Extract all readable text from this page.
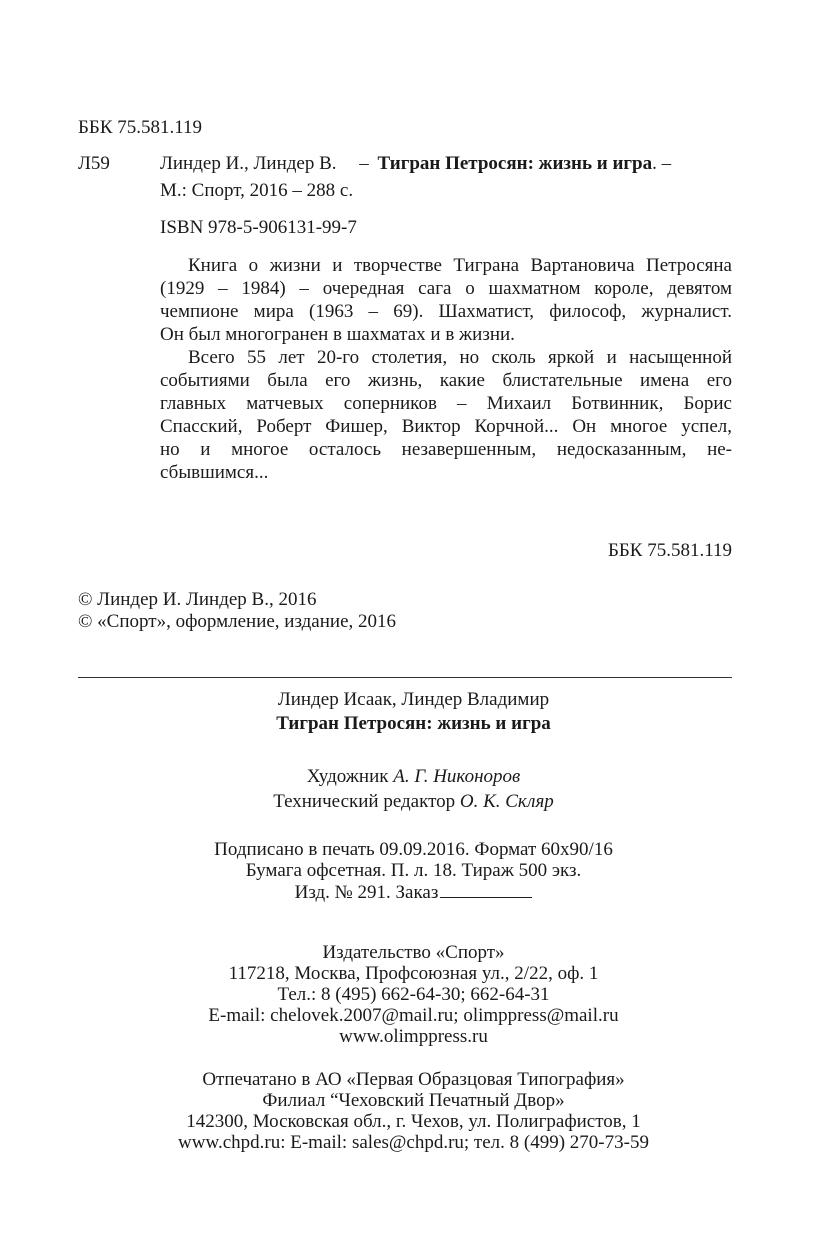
ББК 75.581.119
Л59	Линдер И., Линдер В. – Тигран Петросян: жизнь и игра. –
М.: Спорт, 2016 – 288 с.
ISBN 978-5-906131-99-7
Книга о жизни и творчестве Тиграна Вартановича Петросяна
(1929 – 1984) – очередная сага о шахматном короле, девятом
чемпионе мира (1963 – 69). Шахматист, философ, журналист.
Он был многогранен в шахматах и в жизни.
Всего 55 лет 20-го столетия, но сколь яркой и насыщенной
событиями была его жизнь, какие блистательные имена его
главных матчевых соперников – Михаил Ботвинник, Борис
Спасский, Роберт Фишер, Виктор Корчной... Он многое успел,
но и многое осталось незавершенным, недосказанным, не-
сбывшимся...
ББК 75.581.119
© Линдер И. Линдер В., 2016
© «Спорт», оформление, издание, 2016
Линдер Исаак, Линдер Владимир
Тигран Петросян: жизнь и игра
Художник А. Г. Никоноров
Технический редактор О. К. Скляр
Подписано в печать 09.09.2016. Формат 60х90/16
Бумага офсетная. П. л. 18. Тираж 500 экз.
Изд. № 291. Заказ
Издательство «Спорт»
117218, Москва, Профсоюзная ул., 2/22, оф. 1
Тел.: 8 (495) 662-64-30; 662-64-31
E-mail: chelovek.2007@mail.ru; olimppress@mail.ru
www.olimppress.ru
Отпечатано в АО «Первая Образцовая Типография»
Филиал “Чеховский Печатный Двор»
142300, Московская обл., г. Чехов, ул. Полиграфистов, 1
www.chpd.ru: E-mail: sales@chpd.ru; тел. 8 (499) 270-73-59
